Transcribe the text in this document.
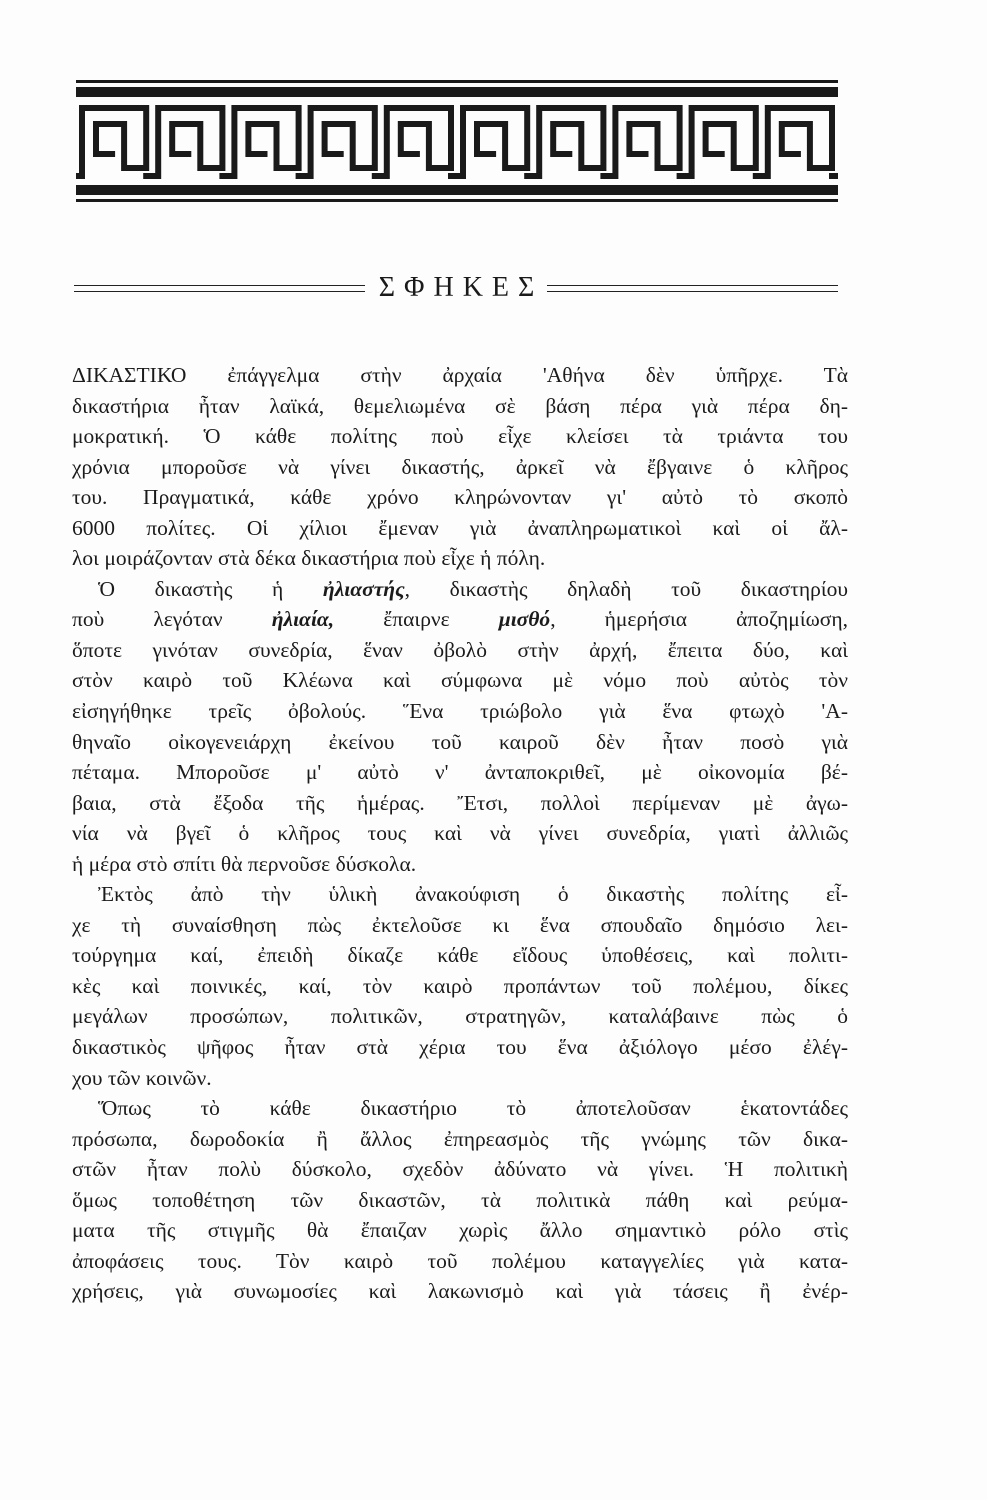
ΣΦΗΚΕΣ
ΔΙΚΑΣΤΙΚΟ ἐπάγγελμα στὴν ἀρχαία 'Αθήνα δὲν ὑπῆρχε. Τὰ
δικαστήρια ἦταν λαϊκά, θεμελιωμένα σὲ βάση πέρα γιὰ πέρα δη-
μοκρατική. Ὁ κάθε πολίτης ποὺ εἶχε κλείσει τὰ τριάντα του
χρόνια μποροῦσε νὰ γίνει δικαστής, ἀρκεῖ νὰ ἔβγαινε ὁ κλῆρος
του. Πραγματικά, κάθε χρόνο κληρώνονταν γι' αὐτὸ τὸ σκοπὸ
6000 πολίτες. Οἱ χίλιοι ἔμεναν γιὰ ἀναπληρωματικοὶ καὶ οἱ ἄλ-
λοι μοιράζονταν στὰ δέκα δικαστήρια ποὺ εἶχε ἡ πόλη.
Ὁ δικαστὴς ἡ ἠλιαστής, δικαστὴς δηλαδὴ τοῦ δικαστηρίου
ποὺ λεγόταν ἠλιαία, ἔπαιρνε μισθό, ἡμερήσια ἀποζημίωση,
ὅποτε γινόταν συνεδρία, ἕναν ὀβολὸ στὴν ἀρχή, ἔπειτα δύο, καὶ
στὸν καιρὸ τοῦ Κλέωνα καὶ σύμφωνα μὲ νόμο ποὺ αὐτὸς τὸν
εἰσηγήθηκε τρεῖς ὀβολούς. Ἕνα τριώβολο γιὰ ἕνα φτωχὸ 'Α-
θηναῖο οἰκογενειάρχη ἐκείνου τοῦ καιροῦ δὲν ἦταν ποσὸ γιὰ
πέταμα. Μποροῦσε μ' αὐτὸ ν' ἀνταποκριθεῖ, μὲ οἰκονομία βέ-
βαια, στὰ ἔξοδα τῆς ἡμέρας. Ἔτσι, πολλοὶ περίμεναν μὲ ἀγω-
νία νὰ βγεῖ ὁ κλῆρος τους καὶ νὰ γίνει συνεδρία, γιατὶ ἀλλιῶς
ἡ μέρα στὸ σπίτι θὰ περνοῦσε δύσκολα.
Ἐκτὸς ἀπὸ τὴν ὑλικὴ ἀνακούφιση ὁ δικαστὴς πολίτης εἶ-
χε τὴ συναίσθηση πὼς ἐκτελοῦσε κι ἕνα σπουδαῖο δημόσιο λει-
τούργημα καί, ἐπειδὴ δίκαζε κάθε εἴδους ὑποθέσεις, καὶ πολιτι-
κὲς καὶ ποινικές, καί, τὸν καιρὸ προπάντων τοῦ πολέμου, δίκες
μεγάλων προσώπων, πολιτικῶν, στρατηγῶν, καταλάβαινε πὼς ὁ
δικαστικὸς ψῆφος ἦταν στὰ χέρια του ἕνα ἀξιόλογο μέσο ἐλέγ-
χου τῶν κοινῶν.
Ὅπως τὸ κάθε δικαστήριο τὸ ἀποτελοῦσαν ἑκατοντάδες
πρόσωπα, δωροδοκία ἢ ἄλλος ἐπηρεασμὸς τῆς γνώμης τῶν δικα-
στῶν ἦταν πολὺ δύσκολο, σχεδὸν ἀδύνατο νὰ γίνει. Ἡ πολιτικὴ
ὅμως τοποθέτηση τῶν δικαστῶν, τὰ πολιτικὰ πάθη καὶ ρεύμα-
ματα τῆς στιγμῆς θὰ ἔπαιζαν χωρὶς ἄλλο σημαντικὸ ρόλο στὶς
ἀποφάσεις τους. Τὸν καιρὸ τοῦ πολέμου καταγγελίες γιὰ κατα-
χρήσεις, γιὰ συνωμοσίες καὶ λακωνισμὸ καὶ γιὰ τάσεις ἢ ἐνέρ-
